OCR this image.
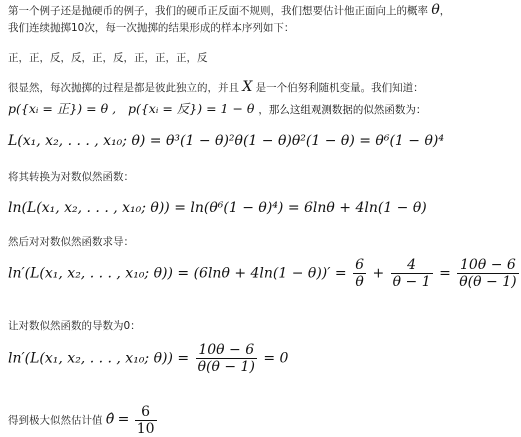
第一个例子还是抛硬币的例子，我们的硬币正反面不规则，我们想要估计他正面向上的概率 θ，
我们连续抛掷10次，每一次抛掷的结果形成的样本序列如下：
正，正，反，反，正，反，正，正，正，反
很显然，每次抛掷的过程是都是彼此独立的，并且 X 是一个伯努利随机变量。我们知道：
p({xᵢ = 正}) = θ , p({xᵢ = 反}) = 1 − θ ，那么这组观测数据的似然函数为：
L(x₁, x₂, . . . , x₁₀; θ) = θ³(1 − θ)²θ(1 − θ)θ²(1 − θ) = θ⁶(1 − θ)⁴
将其转换为对数似然函数：
ln(L(x₁, x₂, . . . , x₁₀; θ)) = ln(θ⁶(1 − θ)⁴) = 6lnθ + 4ln(1 − θ)
然后对对数似然函数求导：
ln′(L(x₁, x₂, . . . , x₁₀; $\theta)) = (6\ln\theta + 4\ln(1 - \theta))' = \frac{6}{\theta} + \frac{4}{\theta - 1} = \frac{10\theta - 6}{\theta(\theta - 1)}$
让对数似然函数的导数为0：
ln′(L(x₁, x₂, . . . , x₁₀; $\theta)) = \frac{10\theta - 6}{\theta(\theta - 1)} = 0$
得到极大似然估计值 θ̂ = $\frac{6}{10}$
